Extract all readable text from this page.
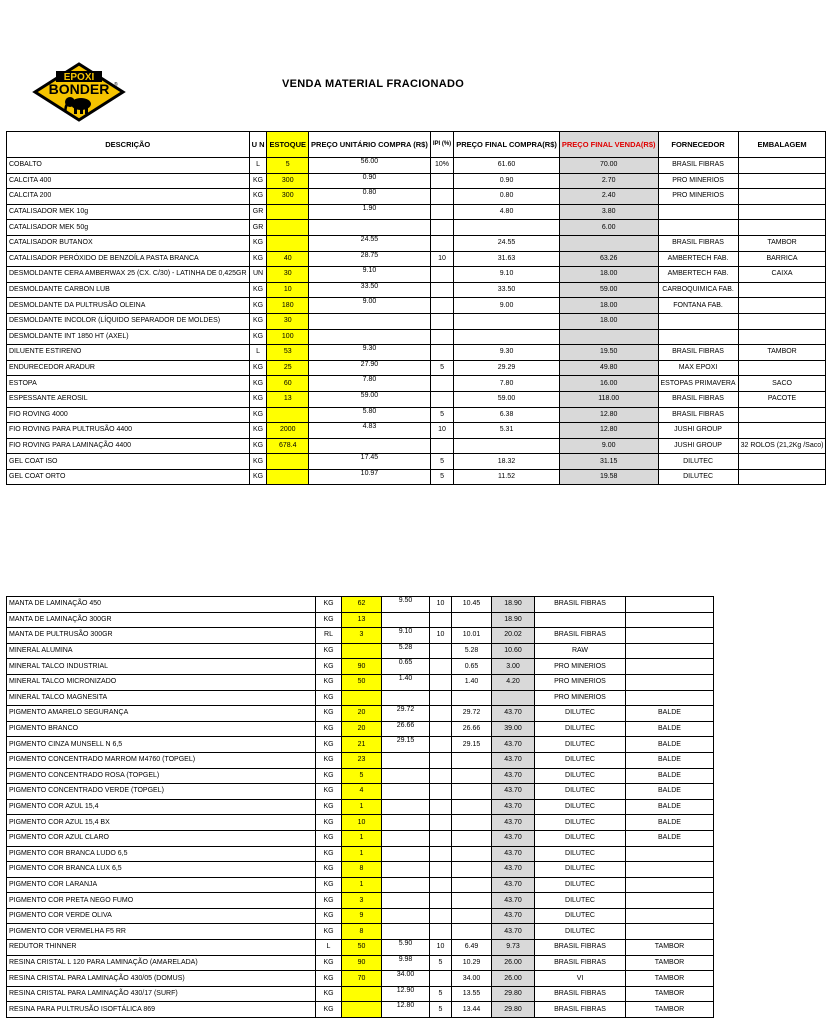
EPOXI
BONDER ®	VENDA MATERIAL FRACIONADO
DESCRIÇÃO	U N	ESTOQUE	PREÇO UNITÁRIO COMPRA (R$)	IPI (%)	PREÇO FINAL COMPRA(R$)	PREÇO FINAL VENDA(R$)	FORNECEDOR	EMBALAGEM
COBALTO	L	5	56.00	10%	61.60	70.00	BRASIL FIBRAS	
CALCITA 400	KG	300	0.90		0.90	2.70	PRO MINERIOS	
CALCITA 200	KG	300	0.80		0.80	2.40	PRO MINERIOS	
CATALISADOR MEK 10g	GR		1.90		4.80	3.80		
CATALISADOR MEK 50g	GR					6.00		
CATALISADOR BUTANOX	KG		24.55		24.55		BRASIL FIBRAS	TAMBOR
CATALISADOR PERÓXIDO DE BENZOÍLA PASTA BRANCA	KG	40	28.75	10	31.63	63.26	AMBERTECH FAB.	BARRICA
DESMOLDANTE CERA AMBERWAX 25 (CX. C/30) - LATINHA DE 0,425GR	UN	30	9.10		9.10	18.00	AMBERTECH FAB.	CAIXA
DESMOLDANTE CARBON LUB	KG	10	33.50		33.50	59.00	CARBOQUIMICA FAB.	
DESMOLDANTE DA PULTRUSÃO OLEINA	KG	180	9.00		9.00	18.00	FONTANA FAB.	
DESMOLDANTE INCOLOR (LÍQUIDO SEPARADOR DE MOLDES)	KG	30				18.00		
DESMOLDANTE INT 1850 HT (AXEL)	KG	100						
DILUENTE ESTIRENO	L	53	9.30		9.30	19.50	BRASIL FIBRAS	TAMBOR
ENDURECEDOR ARADUR	KG	25	27.90	5	29.29	49.80	MAX EPOXI	
ESTOPA	KG	60	7.80		7.80	16.00	ESTOPAS PRIMAVERA	SACO
ESPESSANTE AEROSIL	KG	13	59.00		59.00	118.00	BRASIL FIBRAS	PACOTE
FIO ROVING 4000	KG		5.80	5	6.38	12.80	BRASIL FIBRAS	
FIO ROVING PARA PULTRUSÃO 4400	KG	2000	4.83	10	5.31	12.80	JUSHI GROUP	
FIO ROVING PARA LAMINAÇÃO 4400	KG	678.4				9.00	JUSHI GROUP	32 ROLOS (21,2Kg /Saco)
GEL COAT ISO	KG		17.45	5	18.32	31.15	DILUTEC	
GEL COAT ORTO	KG		10.97	5	11.52	19.58	DILUTEC	
MANTA DE LAMINAÇÃO 450	KG	62	9.50	10	10.45	18.90	BRASIL FIBRAS	
MANTA DE LAMINAÇÃO 300GR	KG	13				18.90		
MANTA DE PULTRUSÃO 300GR	RL	3	9.10	10	10.01	20.02	BRASIL FIBRAS	
MINERAL ALUMINA	KG		5.28		5.28	10.60	RAW	
MINERAL TALCO INDUSTRIAL	KG	90	0.65		0.65	3.00	PRO MINERIOS	
MINERAL TALCO MICRONIZADO	KG	50	1.40		1.40	4.20	PRO MINERIOS	
MINERAL TALCO MAGNESITA	KG						PRO MINERIOS	
PIGMENTO AMARELO SEGURANÇA	KG	20	29.72		29.72	43.70	DILUTEC	BALDE
PIGMENTO BRANCO	KG	20	26.66		26.66	39.00	DILUTEC	BALDE
PIGMENTO CINZA MUNSELL N 6,5	KG	21	29.15		29.15	43.70	DILUTEC	BALDE
PIGMENTO CONCENTRADO MARROM M4760 (TOPGEL)	KG	23				43.70	DILUTEC	BALDE
PIGMENTO CONCENTRADO ROSA (TOPGEL)	KG	5				43.70	DILUTEC	BALDE
PIGMENTO CONCENTRADO VERDE (TOPGEL)	KG	4				43.70	DILUTEC	BALDE
PIGMENTO COR AZUL 15,4	KG	1				43.70	DILUTEC	BALDE
PIGMENTO COR AZUL 15,4 BX	KG	10				43.70	DILUTEC	BALDE
PIGMENTO COR AZUL CLARO	KG	1				43.70	DILUTEC	BALDE
PIGMENTO COR BRANCA LUDO 6,5	KG	1				43.70	DILUTEC	
PIGMENTO COR BRANCA LUX 6,5	KG	8				43.70	DILUTEC	
PIGMENTO COR LARANJA	KG	1				43.70	DILUTEC	
PIGMENTO COR PRETA NEGO FUMO	KG	3				43.70	DILUTEC	
PIGMENTO COR VERDE OLIVA	KG	9				43.70	DILUTEC	
PIGMENTO COR VERMELHA F5 RR	KG	8				43.70	DILUTEC	
REDUTOR THINNER	L	50	5.90	10	6.49	9.73	BRASIL FIBRAS	TAMBOR
RESINA CRISTAL L 120 PARA LAMINAÇÃO (AMARELADA)	KG	90	9.98	5	10.29	26.00	BRASIL FIBRAS	TAMBOR
RESINA CRISTAL PARA LAMINAÇÃO 430/05 (DOMUS)	KG	70	34.00		34.00	26.00	VI	TAMBOR
RESINA CRISTAL PARA LAMINAÇÃO 430/17 (SURF)	KG		12.90	5	13.55	29.80	BRASIL FIBRAS	TAMBOR
RESINA PARA PULTRUSÃO ISOFTÁLICA 869	KG		12.80	5	13.44	29.80	BRASIL FIBRAS	TAMBOR
